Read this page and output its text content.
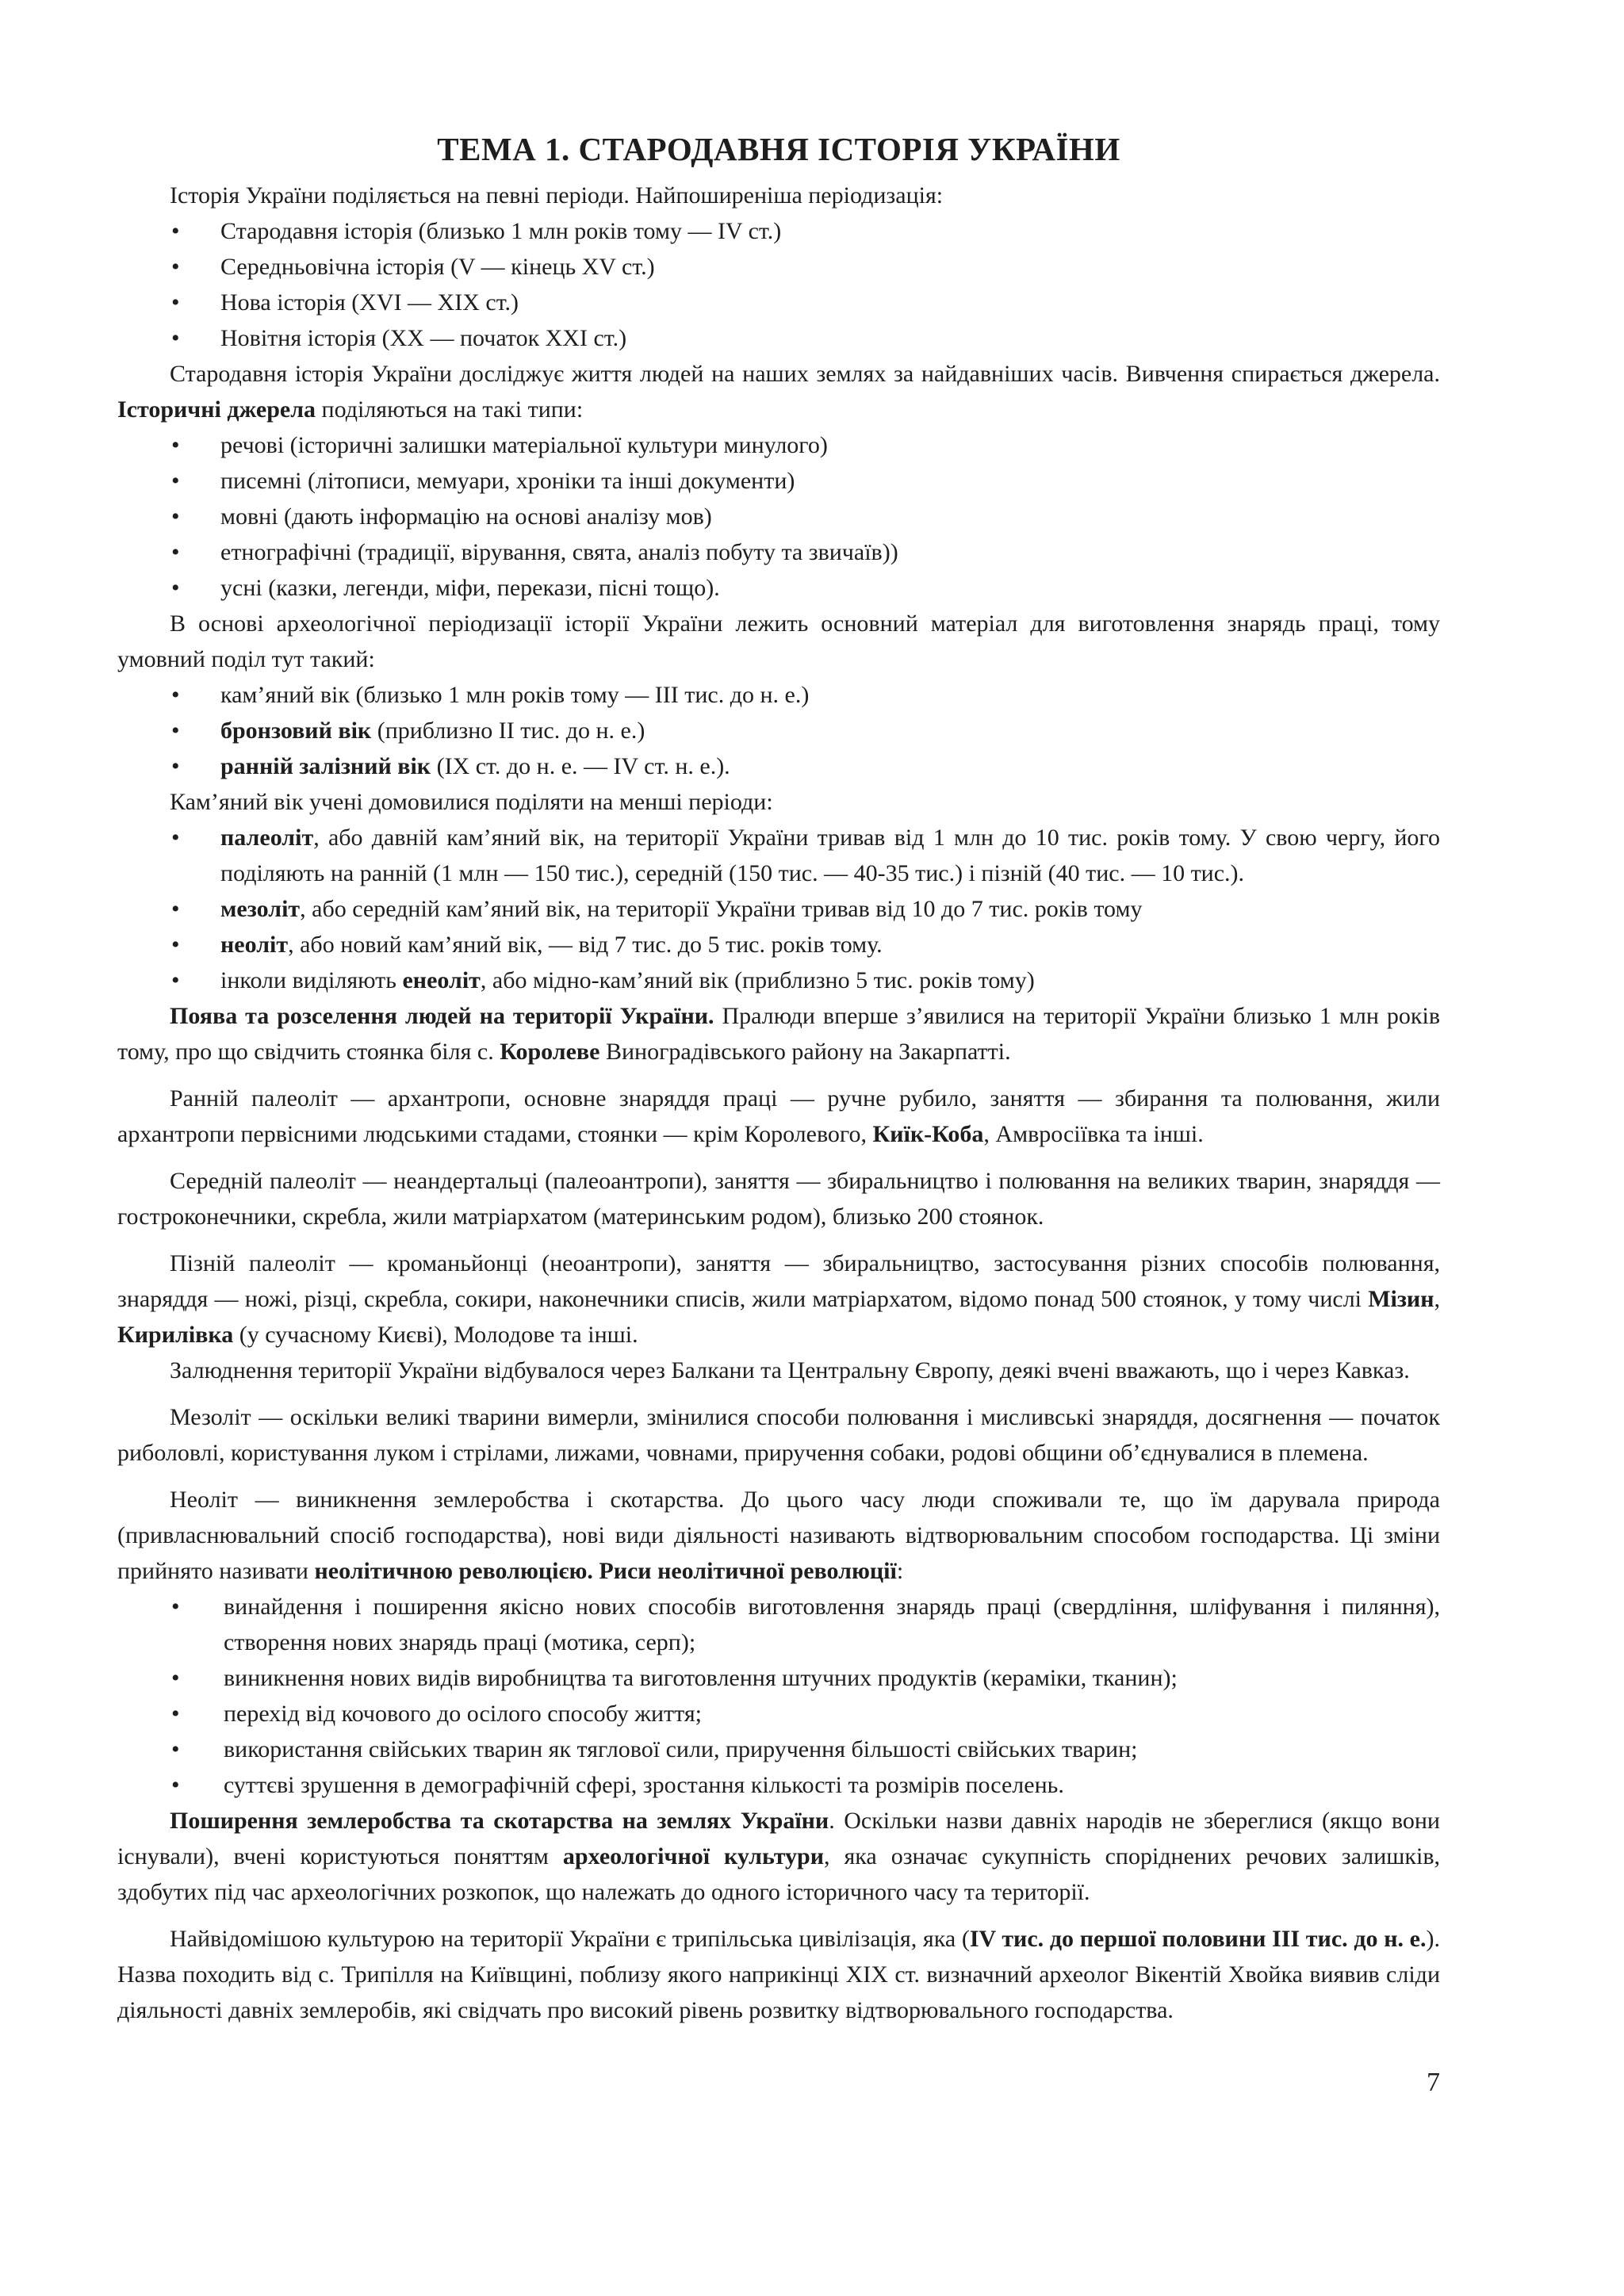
ТЕМА 1. СТАРОДАВНЯ ІСТОРІЯ УКРАЇНИ

Історія України поділяється на певні періоди. Найпоширеніша періодизація:

• Стародавня історія (близько 1 млн років тому — IV ст.)
• Середньовічна історія (V — кінець XV ст.)
• Нова історія (XVI — XIX ст.)
• Новітня історія (XX — початок XXI ст.)

Стародавня історія України досліджує життя людей на наших землях за найдавніших часів. Вивчення спирається джерела. Історичні джерела поділяються на такі типи:

• речові (історичні залишки матеріальної культури минулого)
• писемні (літописи, мемуари, хроніки та інші документи)
• мовні (дають інформацію на основі аналізу мов)
• етнографічні (традиції, вірування, свята, аналіз побуту та звичаїв))
• усні (казки, легенди, міфи, перекази, пісні тощо).

В основі археологічної періодизації історії України лежить основний матеріал для виготовлення знарядь праці, тому умовний поділ тут такий:

• кам’яний вік (близько 1 млн років тому — III тис. до н. е.)
• бронзовий вік (приблизно II тис. до н. е.)
• ранній залізний вік (IX ст. до н. е. — IV ст. н. е.).

Кам’яний вік учені домовилися поділяти на менші періоди:

• палеоліт, або давній кам’яний вік, на території України тривав від 1 млн до 10 тис. років тому. У свою чергу, його поділяють на ранній (1 млн — 150 тис.), середній (150 тис. — 40-35 тис.) і пізній (40 тис. — 10 тис.).
• мезоліт, або середній кам’яний вік, на території України тривав від 10 до 7 тис. років тому
• неоліт, або новий кам’яний вік, — від 7 тис. до 5 тис. років тому.
• інколи виділяють енеоліт, або мідно-кам’яний вік (приблизно 5 тис. років тому)

Поява та розселення людей на території України. Пралюди вперше з’явилися на території України близько 1 млн років тому, про що свідчить стоянка біля с. Королеве Виноградівського району на Закарпатті.

Ранній палеоліт — архантропи, основне знаряддя праці — ручне рубило, заняття — збирання та полювання, жили архантропи первісними людськими стадами, стоянки — крім Королевого, Киїк-Коба, Амвросіївка та інші.

Середній палеоліт — неандертальці (палеоантропи), заняття — збиральництво і полювання на великих тварин, знаряддя — гостроконечники, скребла, жили матріархатом (материнським родом), близько 200 стоянок.

Пізній палеоліт — кроманьйонці (неоантропи), заняття — збиральництво, застосування різних способів полювання, знаряддя — ножі, різці, скребла, сокири, наконечники списів, жили матріархатом, відомо понад 500 стоянок, у тому числі Мізин, Кирилівка (у сучасному Києві), Молодове та інші.

Залюднення території України відбувалося через Балкани та Центральну Європу, деякі вчені вважають, що і через Кавказ.

Мезоліт — оскільки великі тварини вимерли, змінилися способи полювання і мисливські знаряддя, досягнення — початок риболовлі, користування луком і стрілами, лижами, човнами, приручення собаки, родові общини об’єднувалися в племена.

Неоліт — виникнення землеробства і скотарства. До цього часу люди споживали те, що їм дарувала природа (привласнювальний спосіб господарства), нові види діяльності називають відтворювальним способом господарства. Ці зміни прийнято називати неолітичною революцією. Риси неолітичної революції:

• винайдення і поширення якісно нових способів виготовлення знарядь праці (свердління, шліфування і пиляння), створення нових знарядь праці (мотика, серп);
• виникнення нових видів виробництва та виготовлення штучних продуктів (кераміки, тканин);
• перехід від кочового до осілого способу життя;
• використання свійських тварин як тяглової сили, приручення більшості свійських тварин;
• суттєві зрушення в демографічній сфері, зростання кількості та розмірів поселень.

Поширення землеробства та скотарства на землях України. Оскільки назви давніх народів не збереглися (якщо вони існували), вчені користуються поняттям археологічної культури, яка означає сукупність споріднених речових залишків, здобутих під час археологічних розкопок, що належать до одного історичного часу та території.

Найвідомішою культурою на території України є трипільська цивілізація, яка (IV тис. до першої половини III тис. до н. е.). Назва походить від с. Трипілля на Київщині, поблизу якого наприкінці XIX ст. визначний археолог Вікентій Хвойка виявив сліди діяльності давніх землеробів, які свідчать про високий рівень розвитку відтворювального господарства.

7
